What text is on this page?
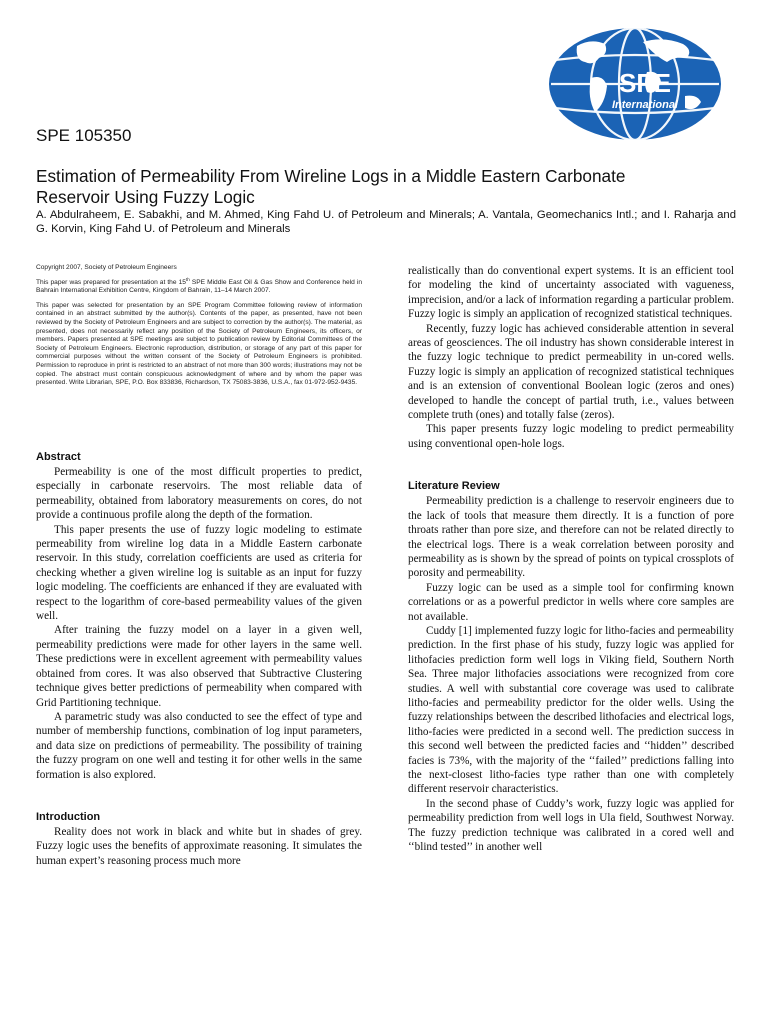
SPE
International
SPE 105350
Estimation of Permeability From Wireline Logs in a Middle Eastern Carbonate
Reservoir Using Fuzzy Logic
A. Abdulraheem, E. Sabakhi, and M. Ahmed, King Fahd U. of Petroleum and Minerals; A. Vantala, Geomechanics Intl.; and I. Raharja and G. Korvin, King Fahd U. of Petroleum and Minerals

Copyright 2007, Society of Petroleum Engineers

This paper was prepared for presentation at the 15th SPE Middle East Oil & Gas Show and Conference held in Bahrain International Exhibition Centre, Kingdom of Bahrain, 11–14 March 2007.

This paper was selected for presentation by an SPE Program Committee following review of information contained in an abstract submitted by the author(s). Contents of the paper, as presented, have not been reviewed by the Society of Petroleum Engineers and are subject to correction by the author(s). The material, as presented, does not necessarily reflect any position of the Society of Petroleum Engineers, its officers, or members. Papers presented at SPE meetings are subject to publication review by Editorial Committees of the Society of Petroleum Engineers. Electronic reproduction, distribution, or storage of any part of this paper for commercial purposes without the written consent of the Society of Petroleum Engineers is prohibited. Permission to reproduce in print is restricted to an abstract of not more than 300 words; illustrations may not be copied. The abstract must contain conspicuous acknowledgment of where and by whom the paper was presented. Write Librarian, SPE, P.O. Box 833836, Richardson, TX 75083-3836, U.S.A., fax 01-972-952-9435.

Abstract

Permeability is one of the most difficult properties to predict, especially in carbonate reservoirs. The most reliable data of permeability, obtained from laboratory measurements on cores, do not provide a continuous profile along the depth of the formation.

This paper presents the use of fuzzy logic modeling to estimate permeability from wireline log data in a Middle Eastern carbonate reservoir. In this study, correlation coefficients are used as criteria for checking whether a given wireline log is suitable as an input for fuzzy logic modeling. The coefficients are enhanced if they are evaluated with respect to the logarithm of core-based permeability values of the given well.

After training the fuzzy model on a layer in a given well, permeability predictions were made for other layers in the same well. These predictions were in excellent agreement with permeability values obtained from cores. It was also observed that Subtractive Clustering technique gives better predictions of permeability when compared with Grid Partitioning technique.

A parametric study was also conducted to see the effect of type and number of membership functions, combination of log input parameters, and data size on predictions of permeability. The possibility of training the fuzzy program on one well and testing it for other wells in the same formation is also explored.

Introduction

Reality does not work in black and white but in shades of grey. Fuzzy logic uses the benefits of approximate reasoning. It simulates the human expert’s reasoning process much more

realistically than do conventional expert systems. It is an efficient tool for modeling the kind of uncertainty associated with vagueness, imprecision, and/or a lack of information regarding a particular problem. Fuzzy logic is simply an application of recognized statistical techniques.

Recently, fuzzy logic has achieved considerable attention in several areas of geosciences. The oil industry has shown considerable interest in the fuzzy logic technique to predict permeability in un-cored wells. Fuzzy logic is simply an application of recognized statistical techniques and is an extension of conventional Boolean logic (zeros and ones) developed to handle the concept of partial truth, i.e., values between complete truth (ones) and totally false (zeros).

This paper presents fuzzy logic modeling to predict permeability using conventional open-hole logs.

Literature Review

Permeability prediction is a challenge to reservoir engineers due to the lack of tools that measure them directly. It is a function of pore throats rather than pore size, and therefore can not be related directly to the electrical logs. There is a weak correlation between porosity and permeability as is shown by the spread of points on typical crossplots of porosity and permeability.

Fuzzy logic can be used as a simple tool for confirming known correlations or as a powerful predictor in wells where core samples are not available.

Cuddy [1] implemented fuzzy logic for litho-facies and permeability prediction. In the first phase of his study, fuzzy logic was applied for lithofacies prediction form well logs in Viking field, Southern North Sea. Three major lithofacies associations were recognized from core studies. A well with substantial core coverage was used to calibrate litho-facies and permeability predictor for the older wells. Using the fuzzy relationships between the described lithofacies and electrical logs, litho-facies were predicted in a second well. The prediction success in this second well between the predicted facies and ‘‘hidden’’ described facies is 73%, with the majority of the ‘‘failed’’ predictions falling into the next-closest litho-facies type rather than one with completely different reservoir characteristics.

In the second phase of Cuddy’s work, fuzzy logic was applied for permeability prediction from well logs in Ula field, Southwest Norway. The fuzzy prediction technique was calibrated in a cored well and ‘‘blind tested’’ in another well
